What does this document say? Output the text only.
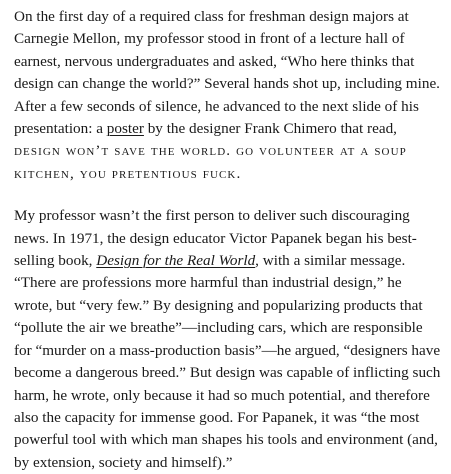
On the first day of a required class for freshman design majors at Carnegie Mellon, my professor stood in front of a lecture hall of earnest, nervous undergraduates and asked, “Who here thinks that design can change the world?” Several hands shot up, including mine. After a few seconds of silence, he advanced to the next slide of his presentation: a poster by the designer Frank Chimero that read, design won’t save the world. go volunteer at a soup kitchen, you pretentious fuck.

My professor wasn’t the first person to deliver such discouraging news. In 1971, the design educator Victor Papanek began his best-selling book, Design for the Real World, with a similar message. “There are professions more harmful than industrial design,” he wrote, but “very few.” By designing and popularizing products that “pollute the air we breathe”—including cars, which are responsible for “murder on a mass-production basis”—he argued, “designers have become a dangerous breed.” But design was capable of inflicting such harm, he wrote, only because it had so much potential, and therefore also the capacity for immense good. For Papanek, it was “the most powerful tool with which man shapes his tools and environment (and, by extension, society and himself).”
